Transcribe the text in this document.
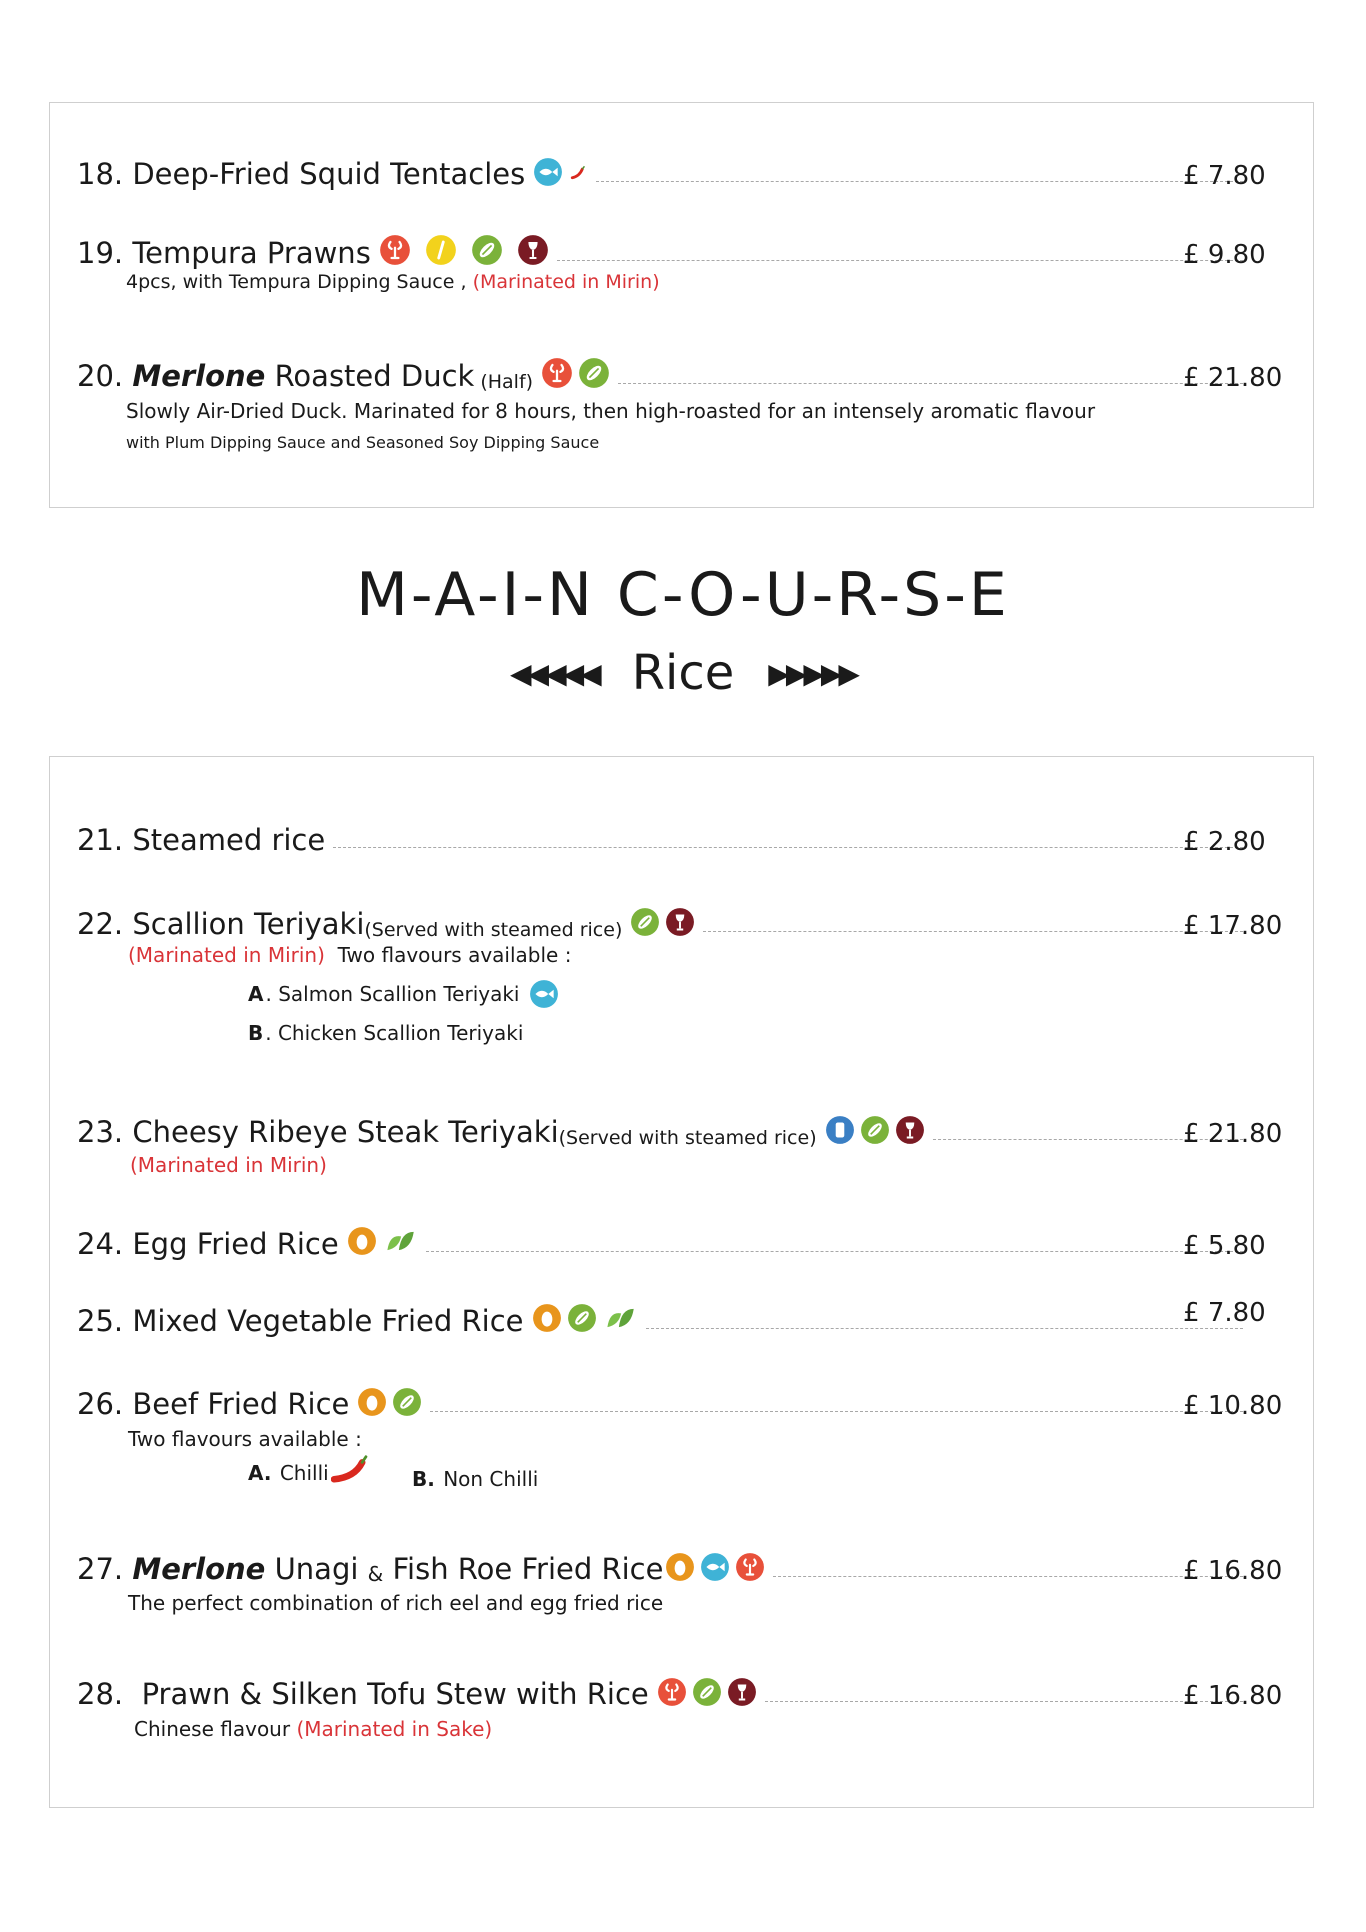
18.
Deep-Fried Squid Tentacles	£ 7.80
19.
Tempura Prawns	£ 9.80
4pcs, with Tempura Dipping Sauce , (Marinated in Mirin)
20.
Merlone
Roasted Duck (Half)	£ 21.80
Slowly Air-Dried Duck. Marinated for 8 hours, then high-roasted for an intensely aromatic flavour
with Plum Dipping Sauce and Seasoned Soy Dipping Sauce
M-A-I-N C-O-U-R-S-E
◀◀◀◀◀ Rice ▶▶▶▶▶
21.
Steamed rice	£ 2.80
22.
Scallion Teriyaki (Served with steamed rice)	£ 17.80
(Marinated in Mirin) Two flavours available :
A . Salmon Scallion Teriyaki
B . Chicken Scallion Teriyaki
23.
Cheesy Ribeye Steak Teriyaki (Served with steamed rice)	£ 21.80
(Marinated in Mirin)
24.
Egg Fried Rice	£ 5.80
25.
Mixed Vegetable Fried Rice	£ 7.80
26.
Beef Fried Rice	£ 10.80
Two flavours available :
A.
Chilli	B.
Non Chilli
27.
Merlone
Unagi
&
Fish Roe Fried Rice	£ 16.80
The perfect combination of rich eel and egg fried rice
28.
Prawn & Silken Tofu Stew with Rice	£ 16.80
Chinese flavour (Marinated in Sake)
